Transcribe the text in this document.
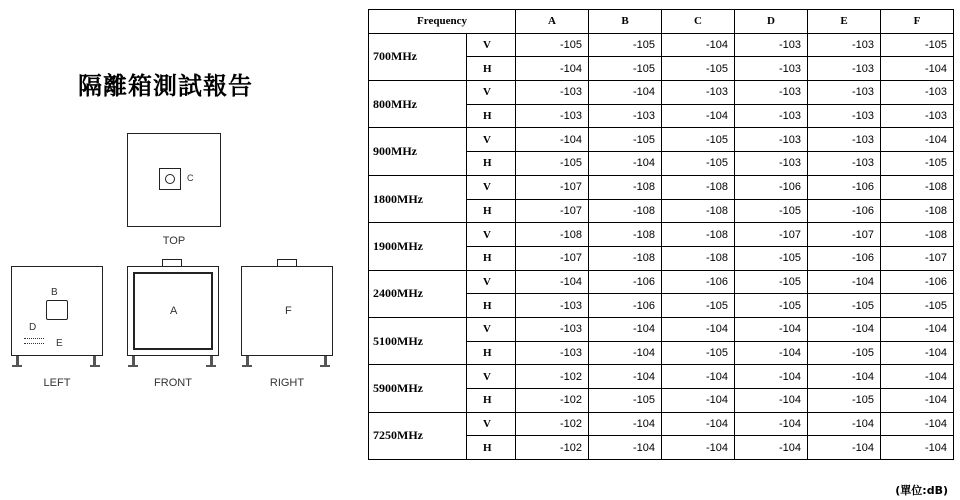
隔離箱測試報告
C
TOP
B
D
E
LEFT
A
FRONT
F
RIGHT
Frequency		A	B	C	D	E	F
700MHz	V	-105	-105	-104	-103	-103	-105
	H	-104	-105	-105	-103	-103	-104
800MHz	V	-103	-104	-103	-103	-103	-103
	H	-103	-103	-104	-103	-103	-103
900MHz	V	-104	-105	-105	-103	-103	-104
	H	-105	-104	-105	-103	-103	-105
1800MHz	V	-107	-108	-108	-106	-106	-108
	H	-107	-108	-108	-105	-106	-108
1900MHz	V	-108	-108	-108	-107	-107	-108
	H	-107	-108	-108	-105	-106	-107
2400MHz	V	-104	-106	-106	-105	-104	-106
	H	-103	-106	-105	-105	-105	-105
5100MHz	V	-103	-104	-104	-104	-104	-104
	H	-103	-104	-105	-104	-105	-104
5900MHz	V	-102	-104	-104	-104	-104	-104
	H	-102	-105	-104	-104	-105	-104
7250MHz	V	-102	-104	-104	-104	-104	-104
	H	-102	-104	-104	-104	-104	-104
(單位:dB)
